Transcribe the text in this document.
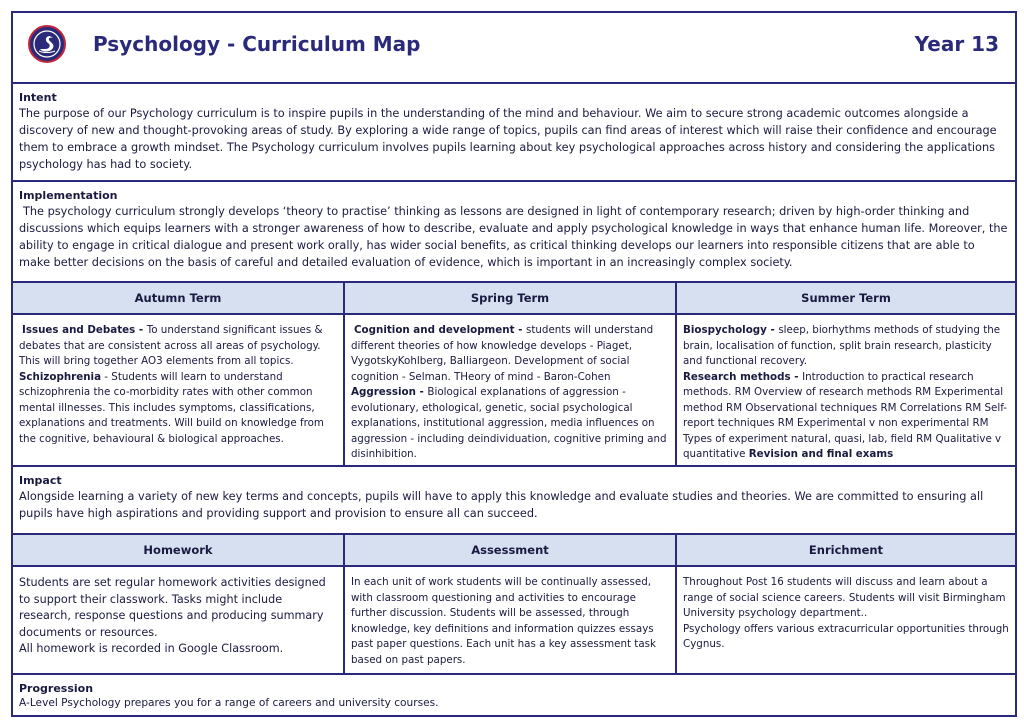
Psychology - Curriculum Map	Year 13
Intent
The purpose of our Psychology curriculum is to inspire pupils in the understanding of the mind and behaviour. We aim to secure strong academic outcomes alongside a discovery of new and thought-provoking areas of study. By exploring a wide range of topics, pupils can find areas of interest which will raise their confidence and encourage them to embrace a growth mindset. The Psychology curriculum involves pupils learning about key psychological approaches across history and considering the applications psychology has had to society.
Implementation
The psychology curriculum strongly develops ‘theory to practise’ thinking as lessons are designed in light of contemporary research; driven by high-order thinking and discussions which equips learners with a stronger awareness of how to describe, evaluate and apply psychological knowledge in ways that enhance human life. Moreover, the ability to engage in critical dialogue and present work orally, has wider social benefits, as critical thinking develops our learners into responsible citizens that are able to make better decisions on the basis of careful and detailed evaluation of evidence, which is important in an increasingly complex society.
Autumn Term
Issues and Debates - To understand significant issues & debates that are consistent across all areas of psychology. This will bring together AO3 elements from all topics.
Schizophrenia - Students will learn to understand schizophrenia the co-morbidity rates with other common mental illnesses. This includes symptoms, classifications, explanations and treatments. Will build on knowledge from the cognitive, behavioural & biological approaches.
Spring Term
Cognition and development - students will understand different theories of how knowledge develops - Piaget, VygotskyKohlberg, Balliargeon. Development of social cognition - Selman. THeory of mind - Baron-Cohen
Aggression - Biological explanations of aggression - evolutionary, ethological, genetic, social psychological explanations, institutional aggression, media influences on aggression - including deindividuation, cognitive priming and disinhibition.
Summer Term
Biospychology - sleep, biorhythms methods of studying the brain, localisation of function, split brain research, plasticity and functional recovery.
Research methods - Introduction to practical research methods. RM Overview of research methods RM Experimental method RM Observational techniques RM Correlations RM Self-report techniques RM Experimental v non experimental RM Types of experiment natural, quasi, lab, field RM Qualitative v quantitative Revision and final exams
Impact
Alongside learning a variety of new key terms and concepts, pupils will have to apply this knowledge and evaluate studies and theories. We are committed to ensuring all pupils have high aspirations and providing support and provision to ensure all can succeed.
Homework
Students are set regular homework activities designed to support their classwork. Tasks might include research, response questions and producing summary documents or resources.
All homework is recorded in Google Classroom.
Assessment
In each unit of work students will be continually assessed, with classroom questioning and activities to encourage further discussion. Students will be assessed, through knowledge, key definitions and information quizzes essays past paper questions. Each unit has a key assessment task based on past papers.
Enrichment
Throughout Post 16 students will discuss and learn about a range of social science careers. Students will visit Birmingham University psychology department..
Psychology offers various extracurricular opportunities through Cygnus.
Progression
A-Level Psychology prepares you for a range of careers and university courses.
